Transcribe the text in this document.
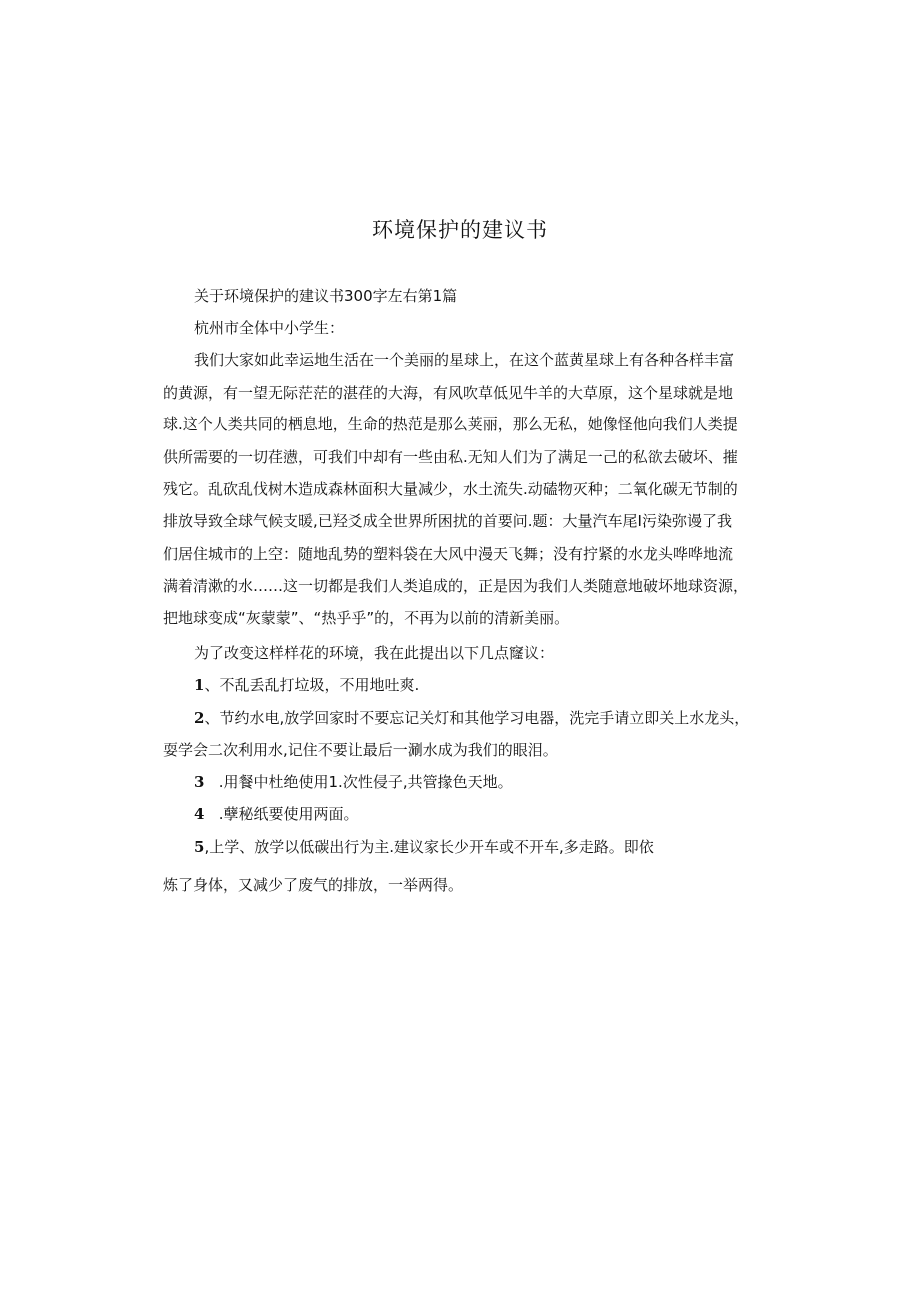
环境保护的建议书
关于环境保护的建议书300字左右第1篇
杭州市全体中小学生：
我们大家如此幸运地生活在一个美丽的星球上，在这个蓝黄星球上有各种各样丰富
的黄源，有一望无际茫茫的湛荏的大海，有风吹草低见牛羊的大草原，这个星球就是地
球.这个人类共同的栖息地，生命的热范是那么荚丽，那么无私，她像怪他向我们人类提
供所需要的一切荏懑，可我们中却有一些由私.无知人们为了满足一己的私欲去破坏、摧
残它。乱砍乱伐树木造成森林面积大量减少，水土流失.动磕物灭种；二氧化碳无节制的
排放导致全球气候支暖,已羟爻成全世界所困扰的首要问.题：大量汽车尾I污染弥谩了我
们居住城市的上空：随地乱势的塑料袋在大风中漫天飞舞；没有拧紧的水龙头哗哗地流
满着清漱的水……这一切都是我们人类追成的，正是因为我们人类随意地破坏地球资源，
把地球变成“灰蒙蒙”、“热乎乎”的，不再为以前的清新美丽。
为了改变这样样花的环境，我在此提出以下几点窿议：
1、不乱丢乱打垃圾，不用地吐爽.
2、节约水电,放学回家时不要忘记关灯和其他学习电器，洗完手请立即关上水龙头，
耍学会二次利用水,记住不要让最后一涮水成为我们的眼泪。
3   .用餐中杜绝使用1.次性侵子,共管掾色天地。
4   .孽秘纸要使用两面。
5,上学、放学以低碳出行为主.建议家长少开车或不开车,多走路。即依
炼了身体，又减少了废气的排放，一举两得。
